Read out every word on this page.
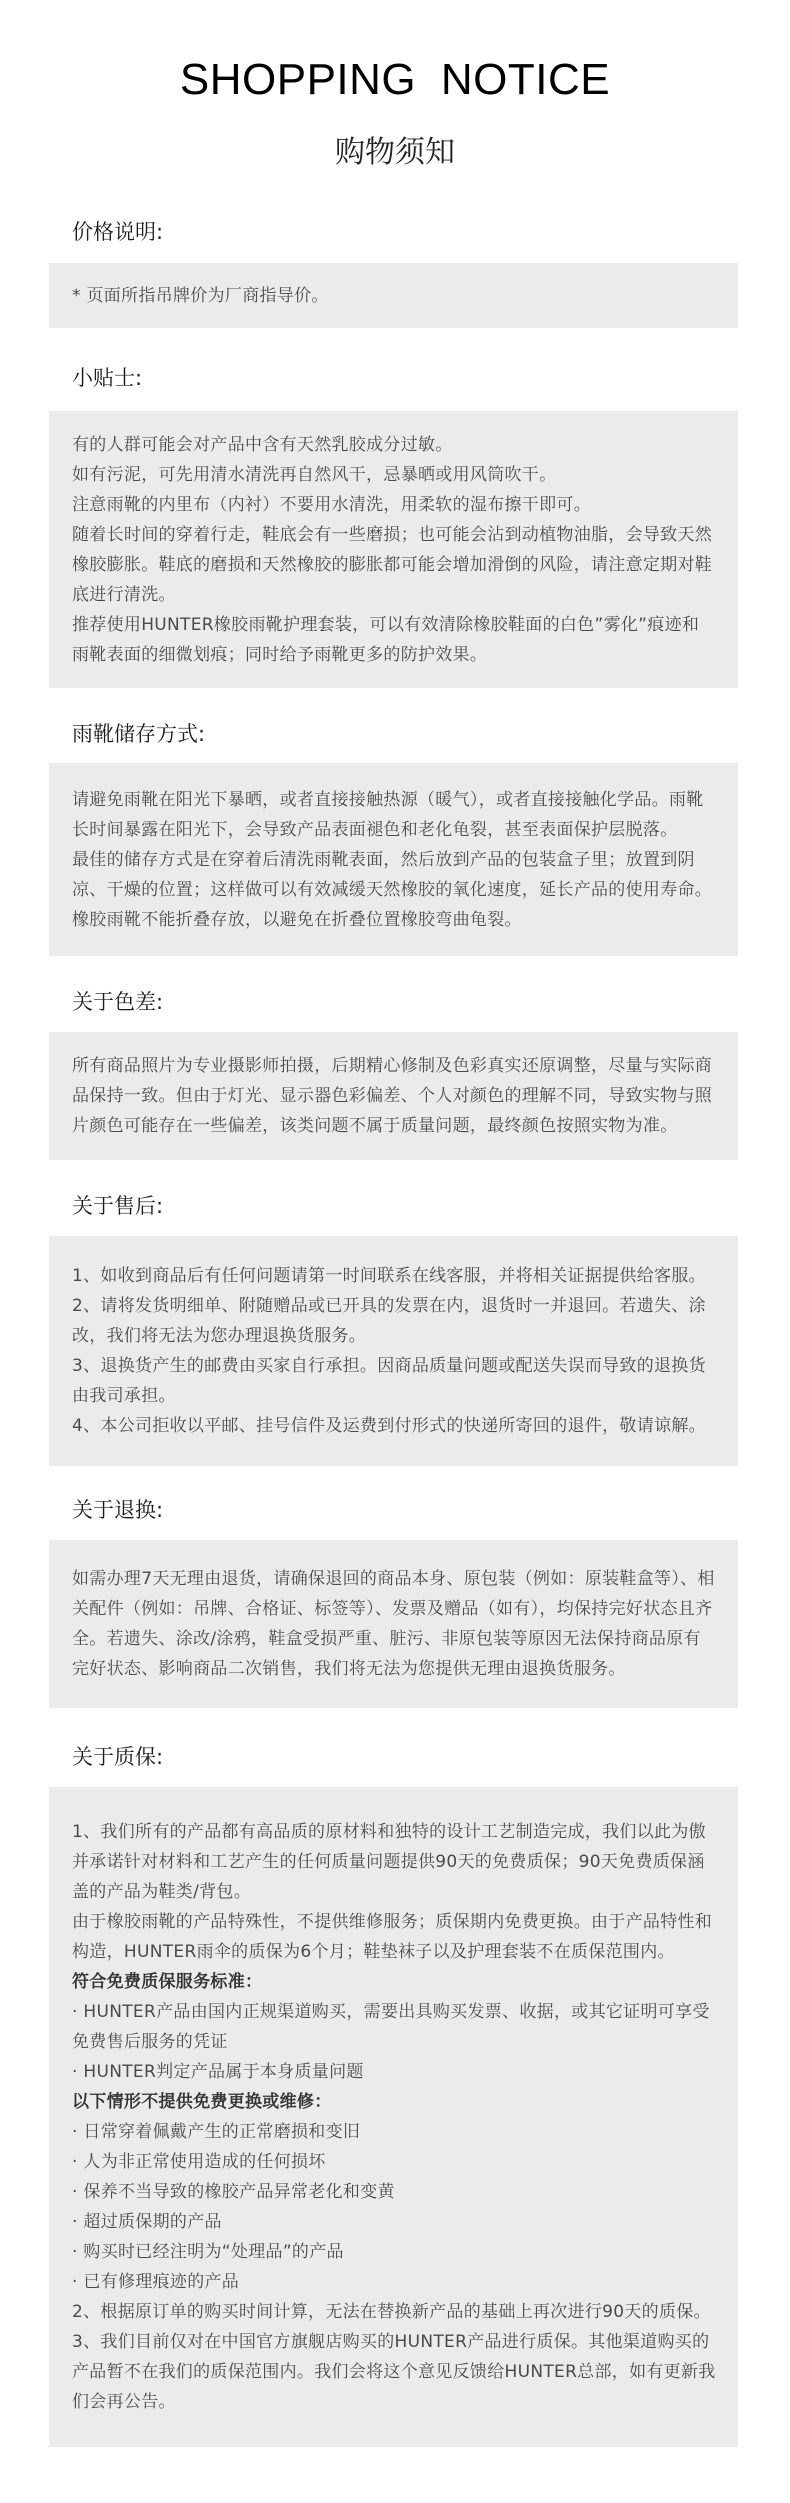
SHOPPING NOTICE
购物须知
价格说明:

* 页面所指吊牌价为厂商指导价。

小贴士:

有的人群可能会对产品中含有天然乳胶成分过敏。

如有污泥，可先用清水清洗再自然风干，忌暴晒或用风筒吹干。

注意雨靴的内里布（内衬）不要用水清洗，用柔软的湿布擦干即可。

随着长时间的穿着行走，鞋底会有一些磨损；也可能会沾到动植物油脂，会导致天然橡胶膨胀。鞋底的磨损和天然橡胶的膨胀都可能会增加滑倒的风险，请注意定期对鞋底进行清洗。

推荐使用HUNTER橡胶雨靴护理套装，可以有效清除橡胶鞋面的白色”雾化”痕迹和雨靴表面的细微划痕；同时给予雨靴更多的防护效果。

雨靴储存方式:

请避免雨靴在阳光下暴晒，或者直接接触热源（暖气），或者直接接触化学品。雨靴长时间暴露在阳光下，会导致产品表面褪色和老化龟裂，甚至表面保护层脱落。

最佳的储存方式是在穿着后清洗雨靴表面，然后放到产品的包装盒子里；放置到阴凉、干燥的位置；这样做可以有效减缓天然橡胶的氧化速度，延长产品的使用寿命。

橡胶雨靴不能折叠存放，以避免在折叠位置橡胶弯曲龟裂。

关于色差:

所有商品照片为专业摄影师拍摄，后期精心修制及色彩真实还原调整，尽量与实际商品保持一致。但由于灯光、显示器色彩偏差、个人对颜色的理解不同，导致实物与照片颜色可能存在一些偏差，该类问题不属于质量问题，最终颜色按照实物为准。

关于售后:

1、如收到商品后有任何问题请第一时间联系在线客服，并将相关证据提供给客服。

2、请将发货明细单、附随赠品或已开具的发票在内，退货时一并退回。若遗失、涂改，我们将无法为您办理退换货服务。

3、退换货产生的邮费由买家自行承担。因商品质量问题或配送失误而导致的退换货由我司承担。

4、本公司拒收以平邮、挂号信件及运费到付形式的快递所寄回的退件，敬请谅解。

关于退换:

如需办理7天无理由退货，请确保退回的商品本身、原包装（例如：原装鞋盒等）、相关配件（例如：吊牌、合格证、标签等）、发票及赠品（如有），均保持完好状态且齐全。若遗失、涂改/涂鸦，鞋盒受损严重、脏污、非原包装等原因无法保持商品原有完好状态、影响商品二次销售，我们将无法为您提供无理由退换货服务。

关于质保:

1、我们所有的产品都有高品质的原材料和独特的设计工艺制造完成，我们以此为傲并承诺针对材料和工艺产生的任何质量问题提供90天的免费质保；90天免费质保涵盖的产品为鞋类/背包。

由于橡胶雨靴的产品特殊性，不提供维修服务；质保期内免费更换。由于产品特性和构造，HUNTER雨伞的质保为6个月；鞋垫袜子以及护理套装不在质保范围内。

符合免费质保服务标准：

· HUNTER产品由国内正规渠道购买，需要出具购买发票、收据，或其它证明可享受免费售后服务的凭证

· HUNTER判定产品属于本身质量问题

以下情形不提供免费更换或维修：

· 日常穿着佩戴产生的正常磨损和变旧

· 人为非正常使用造成的任何损坏

· 保养不当导致的橡胶产品异常老化和变黄

· 超过质保期的产品

· 购买时已经注明为“处理品”的产品

· 已有修理痕迹的产品

2、根据原订单的购买时间计算，无法在替换新产品的基础上再次进行90天的质保。

3、我们目前仅对在中国官方旗舰店购买的HUNTER产品进行质保。其他渠道购买的产品暂不在我们的质保范围内。我们会将这个意见反馈给HUNTER总部，如有更新我们会再公告。
